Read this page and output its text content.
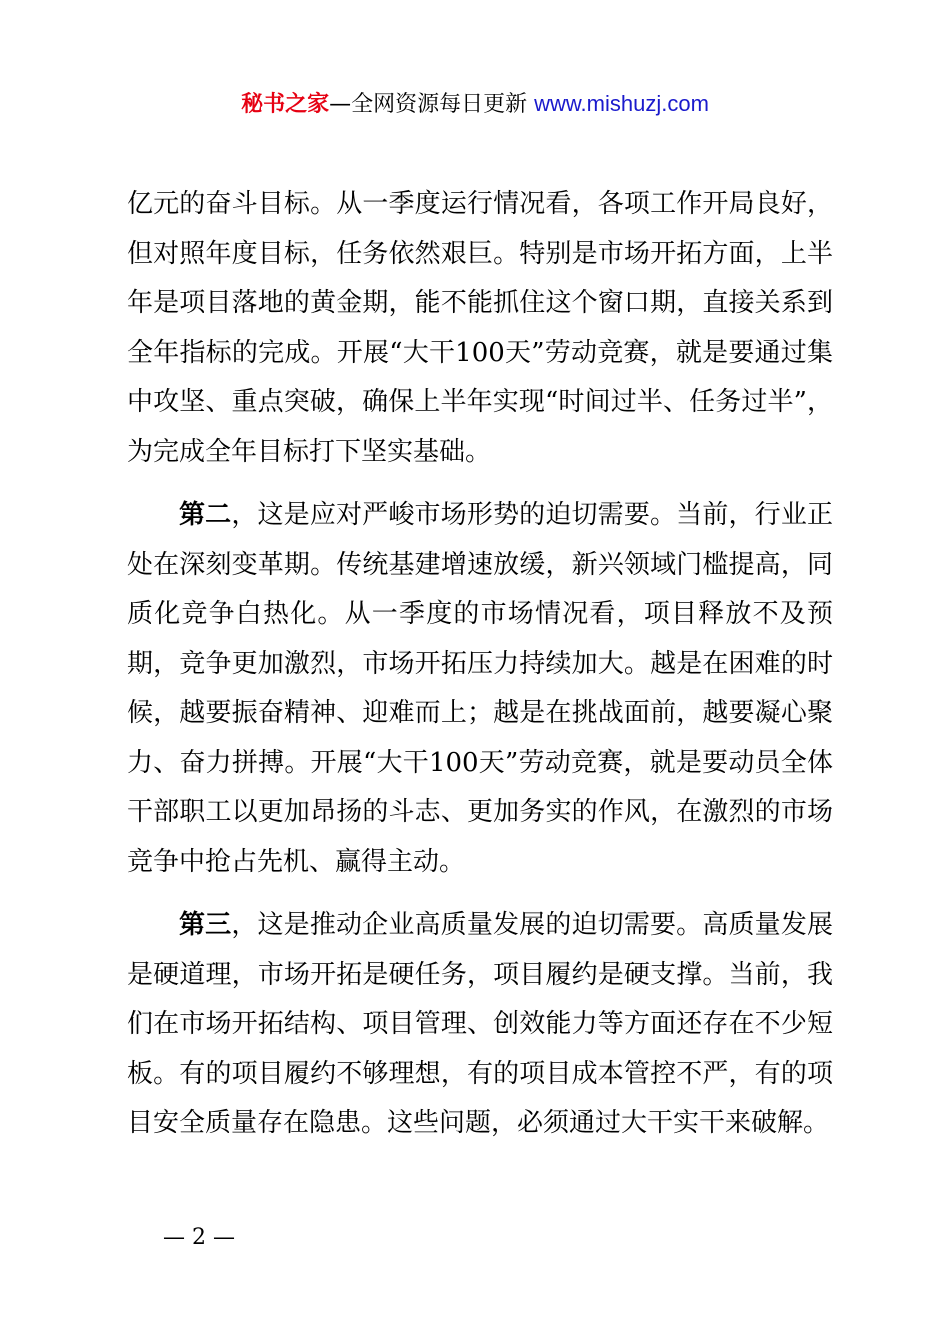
秘书之家—全网资源每日更新 www.mishuzj.com

亿元的奋斗目标。从一季度运行情况看，各项工作开局良好，但对照年度目标，任务依然艰巨。特别是市场开拓方面，上半年是项目落地的黄金期，能不能抓住这个窗口期，直接关系到全年指标的完成。开展“大干100天”劳动竞赛，就是要通过集中攻坚、重点突破，确保上半年实现“时间过半、任务过半”，为完成全年目标打下坚实基础。

第二，这是应对严峻市场形势的迫切需要。当前，行业正处在深刻变革期。传统基建增速放缓，新兴领域门槛提高，同质化竞争白热化。从一季度的市场情况看，项目释放不及预期，竞争更加激烈，市场开拓压力持续加大。越是在困难的时候，越要振奋精神、迎难而上；越是在挑战面前，越要凝心聚力、奋力拼搏。开展“大干100天”劳动竞赛，就是要动员全体干部职工以更加昂扬的斗志、更加务实的作风，在激烈的市场竞争中抢占先机、赢得主动。

第三，这是推动企业高质量发展的迫切需要。高质量发展是硬道理，市场开拓是硬任务，项目履约是硬支撑。当前，我们在市场开拓结构、项目管理、创效能力等方面还存在不少短板。有的项目履约不够理想，有的项目成本管控不严，有的项目安全质量存在隐患。这些问题，必须通过大干实干来破解。

— 2 —
